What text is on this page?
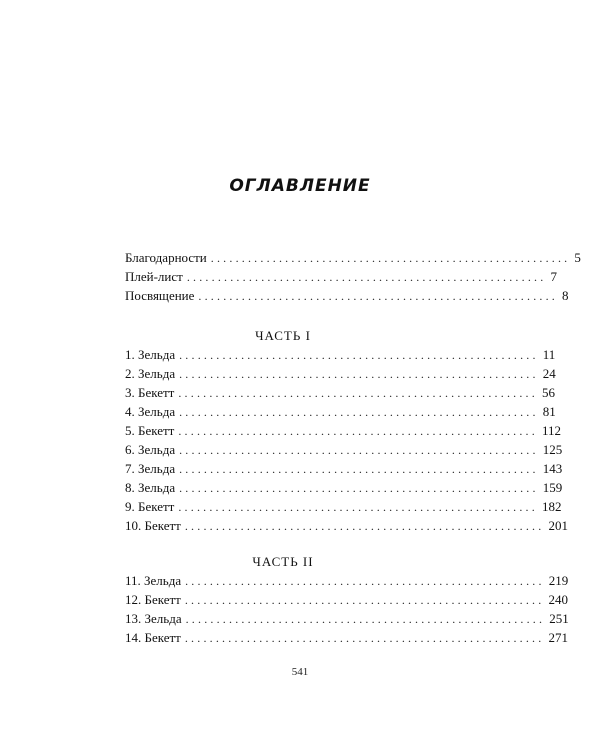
ОГЛАВЛЕНИЕ
Благодарности .......................................................... 5
Плей-лист .......................................................... 7
Посвящение .......................................................... 8
ЧАСТЬ I
1. Зельда .......................................................... 11
2. Зельда .......................................................... 24
3. Бекетт .......................................................... 56
4. Зельда .......................................................... 81
5. Бекетт .......................................................... 112
6. Зельда .......................................................... 125
7. Зельда .......................................................... 143
8. Зельда .......................................................... 159
9. Бекетт .......................................................... 182
10. Бекетт .......................................................... 201
ЧАСТЬ II
11. Зельда .......................................................... 219
12. Бекетт .......................................................... 240
13. Зельда .......................................................... 251
14. Бекетт .......................................................... 271
541
